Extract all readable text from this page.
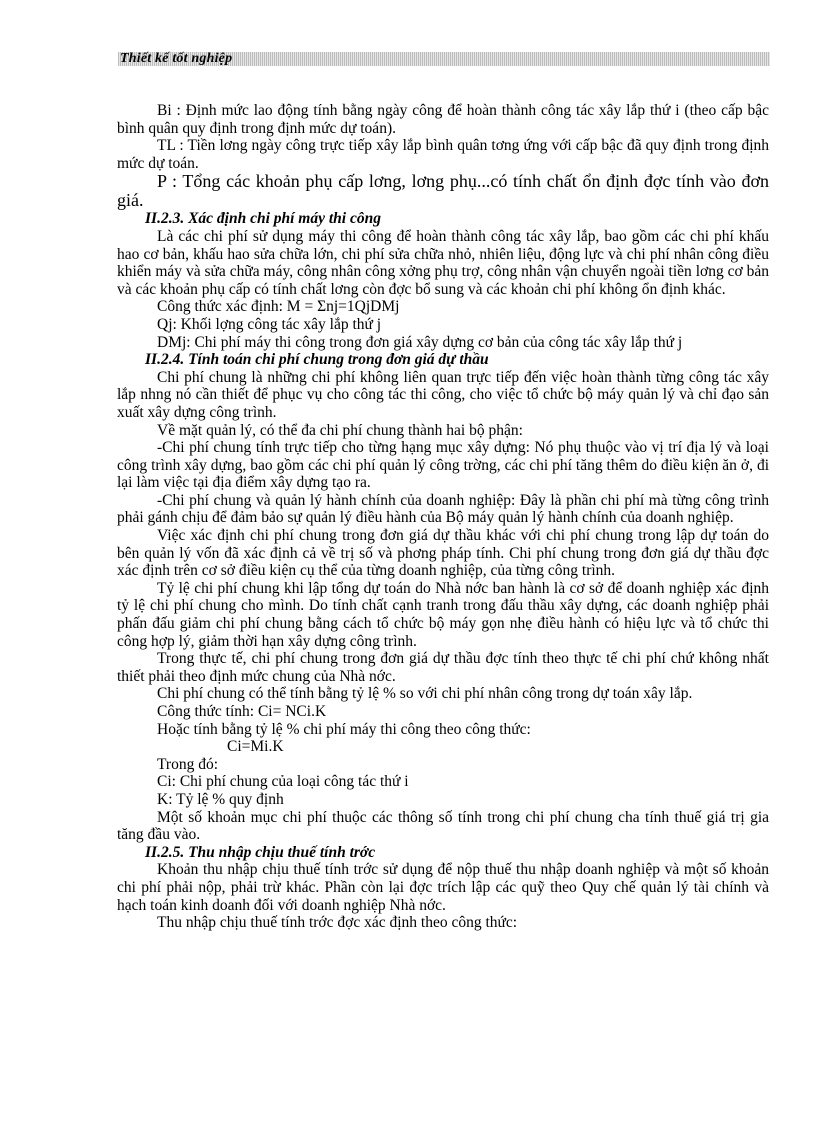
Thiết kế tốt nghiệp

Bi : Định mức lao động tính bằng ngày công để hoàn thành công tác xây lắp thứ i (theo cấp bậc bình quân quy định trong định mức dự toán).

TL : Tiền lơng ngày công trực tiếp xây lắp bình quân tơng ứng với cấp bậc đã quy định trong định mức dự toán.

P : Tổng các khoản phụ cấp lơng, lơng phụ...có tính chất ổn định đợc tính vào đơn giá.

II.2.3. Xác định chi phí máy thi công

Là các chi phí sử dụng máy thi công để hoàn thành công tác xây lắp, bao gồm các chi phí khấu hao cơ bản, khấu hao sửa chữa lớn, chi phí sửa chữa nhỏ, nhiên liệu, động lực và chi phí nhân công điều khiển máy và sửa chữa máy, công nhân công xởng phụ trợ, công nhân vận chuyển ngoài tiền lơng cơ bản và các khoản phụ cấp có tính chất lơng còn đợc bổ sung và các khoản chi phí không ổn định khác.

Công thức xác định: M = Σnj=1QjDMj

Qj: Khối lợng công tác xây lắp thứ j

DMj: Chi phí máy thi công trong đơn giá xây dựng cơ bản của công tác xây lắp thứ j

II.2.4. Tính toán chi phí chung trong đơn giá dự thầu

Chi phí chung là những chi phí không liên quan trực tiếp đến việc hoàn thành từng công tác xây lắp nhng nó cần thiết để phục vụ cho công tác thi công, cho việc tổ chức bộ máy quản lý và chỉ đạo sản xuất xây dựng công trình.

Về mặt quản lý, có thể đa chi phí chung thành hai bộ phận:

-Chi phí chung tính trực tiếp cho từng hạng mục xây dựng: Nó phụ thuộc vào vị trí địa lý và loại công trình xây dựng, bao gồm các chi phí quản lý công trờng, các chi phí tăng thêm do điều kiện ăn ở, đi lại làm việc tại địa điểm xây dựng tạo ra.

-Chi phí chung và quản lý hành chính của doanh nghiệp: Đây là phần chi phí mà từng công trình phải gánh chịu để đảm bảo sự quản lý điều hành của Bộ máy quản lý hành chính của doanh nghiệp.

Việc xác định chi phí chung trong đơn giá dự thầu khác với chi phí chung trong lập dự toán do bên quản lý vốn đã xác định cả về trị số và phơng pháp tính. Chi phí chung trong đơn giá dự thầu đợc xác định trên cơ sở điều kiện cụ thể của từng doanh nghiệp, của từng công trình.

Tỷ lệ chi phí chung khi lập tổng dự toán do Nhà nớc ban hành là cơ sở để doanh nghiệp xác định tỷ lệ chi phí chung cho mình. Do tính chất cạnh tranh trong đấu thầu xây dựng, các doanh nghiệp phải phấn đấu giảm chi phí chung bằng cách tổ chức bộ máy gọn nhẹ điều hành có hiệu lực và tổ chức thi công hợp lý, giảm thời hạn xây dựng công trình.

Trong thực tế, chi phí chung trong đơn giá dự thầu đợc tính theo thực tế chi phí chứ không nhất thiết phải theo định mức chung của Nhà nớc.

Chi phí chung có thể tính bằng tỷ lệ % so với chi phí nhân công trong dự toán xây lắp.

Công thức tính: Ci= NCi.K

Hoặc tính bằng tỷ lệ % chi phí máy thi công theo công thức:

Ci=Mi.K

Trong đó:

Ci: Chi phí chung của loại công tác thứ i

K: Tỷ lệ % quy định

Một số khoản mục chi phí thuộc các thông số tính trong chi phí chung cha tính thuế giá trị gia tăng đầu vào.

II.2.5. Thu nhập chịu thuế tính trớc

Khoản thu nhập chịu thuế tính trớc sử dụng để nộp thuế thu nhập doanh nghiệp và một số khoản chi phí phải nộp, phải trừ khác. Phần còn lại đợc trích lập các quỹ theo Quy chế quản lý tài chính và hạch toán kinh doanh đối với doanh nghiệp Nhà nớc.

Thu nhập chịu thuế tính trớc đợc xác định theo công thức:
